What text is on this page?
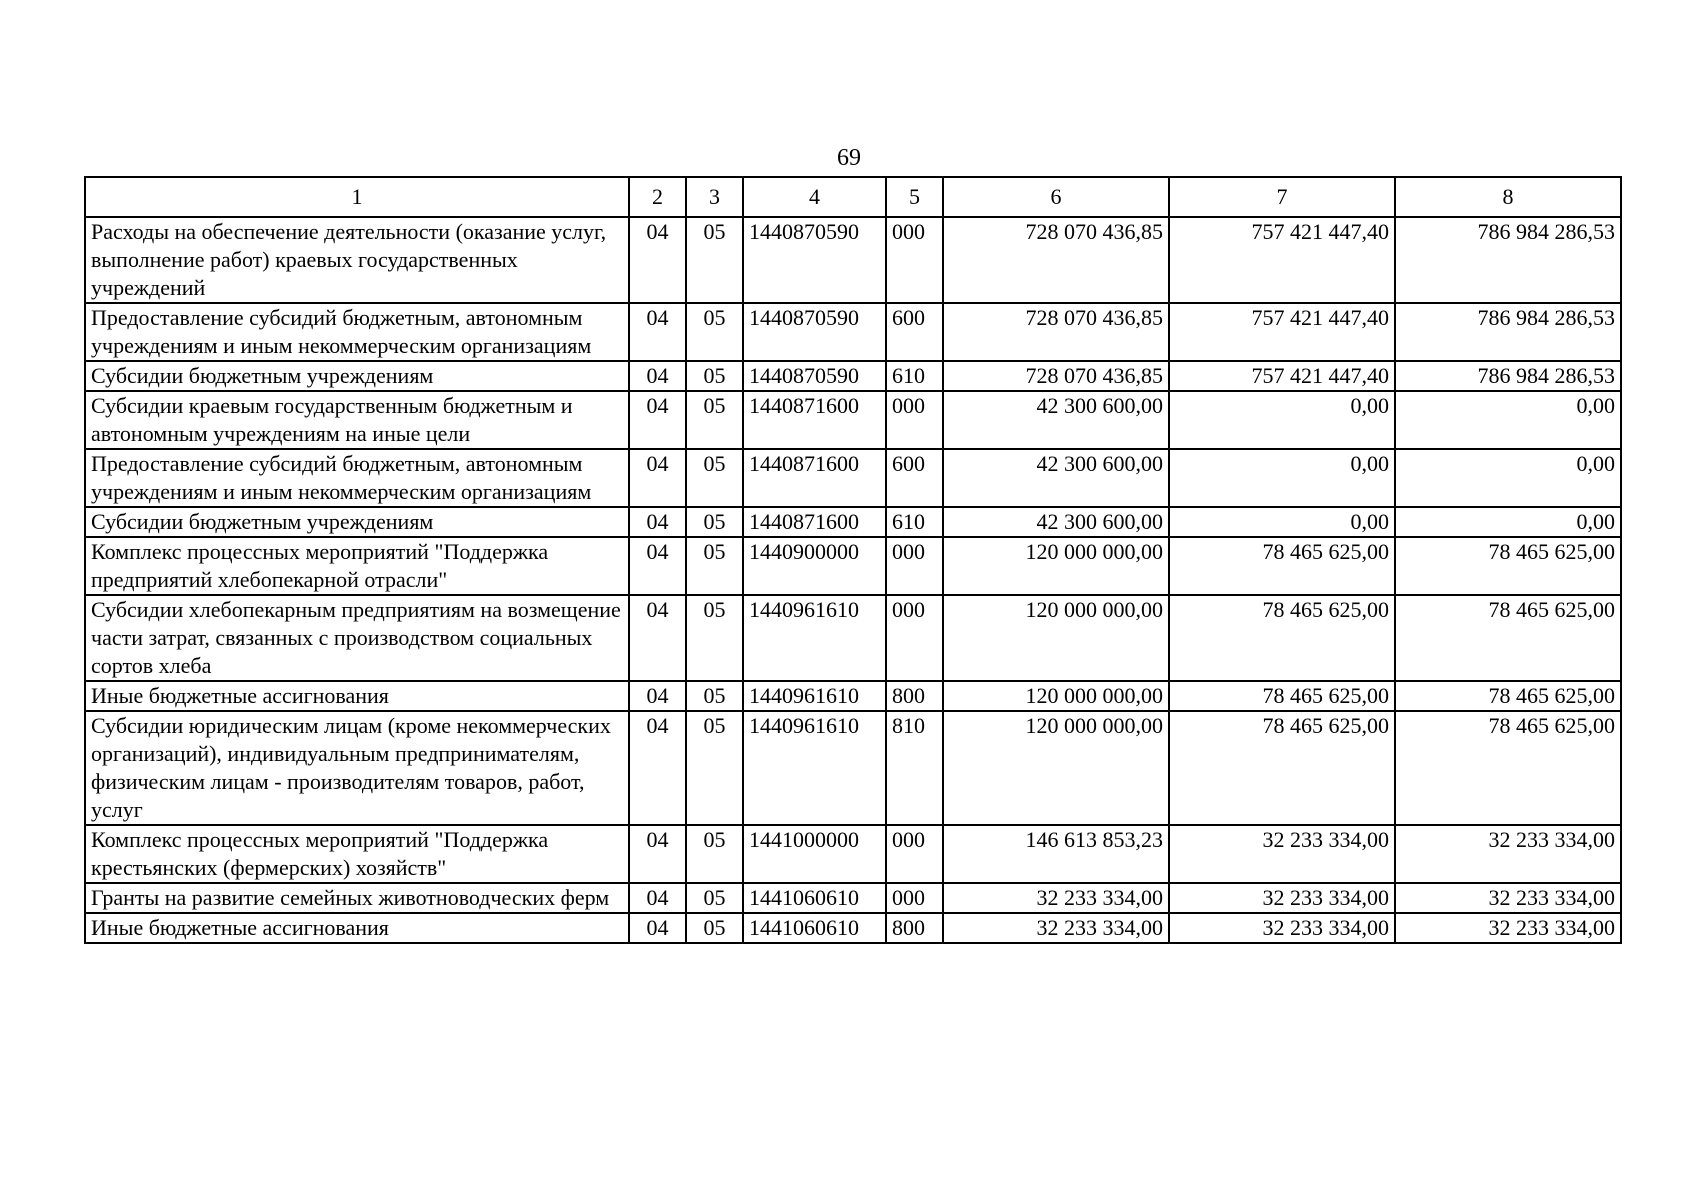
69
1	2	3	4	5	6	7	8
Расходы на обеспечение деятельности (оказание услуг, выполнение работ) краевых государственных учреждений	04	05	1440870590	000	728 070 436,85	757 421 447,40	786 984 286,53
Предоставление субсидий бюджетным, автономным учреждениям и иным некоммерческим организациям	04	05	1440870590	600	728 070 436,85	757 421 447,40	786 984 286,53
Субсидии бюджетным учреждениям	04	05	1440870590	610	728 070 436,85	757 421 447,40	786 984 286,53
Субсидии краевым государственным бюджетным и автономным учреждениям на иные цели	04	05	1440871600	000	42 300 600,00	0,00	0,00
Предоставление субсидий бюджетным, автономным учреждениям и иным некоммерческим организациям	04	05	1440871600	600	42 300 600,00	0,00	0,00
Субсидии бюджетным учреждениям	04	05	1440871600	610	42 300 600,00	0,00	0,00
Комплекс процессных мероприятий "Поддержка предприятий хлебопекарной отрасли"	04	05	1440900000	000	120 000 000,00	78 465 625,00	78 465 625,00
Субсидии хлебопекарным предприятиям на возмещение части затрат, связанных с производством социальных сортов хлеба	04	05	1440961610	000	120 000 000,00	78 465 625,00	78 465 625,00
Иные бюджетные ассигнования	04	05	1440961610	800	120 000 000,00	78 465 625,00	78 465 625,00
Субсидии юридическим лицам (кроме некоммерческих организаций), индивидуальным предпринимателям, физическим лицам - производителям товаров, работ, услуг	04	05	1440961610	810	120 000 000,00	78 465 625,00	78 465 625,00
Комплекс процессных мероприятий "Поддержка крестьянских (фермерских) хозяйств"	04	05	1441000000	000	146 613 853,23	32 233 334,00	32 233 334,00
Гранты на развитие семейных животноводческих ферм	04	05	1441060610	000	32 233 334,00	32 233 334,00	32 233 334,00
Иные бюджетные ассигнования	04	05	1441060610	800	32 233 334,00	32 233 334,00	32 233 334,00
